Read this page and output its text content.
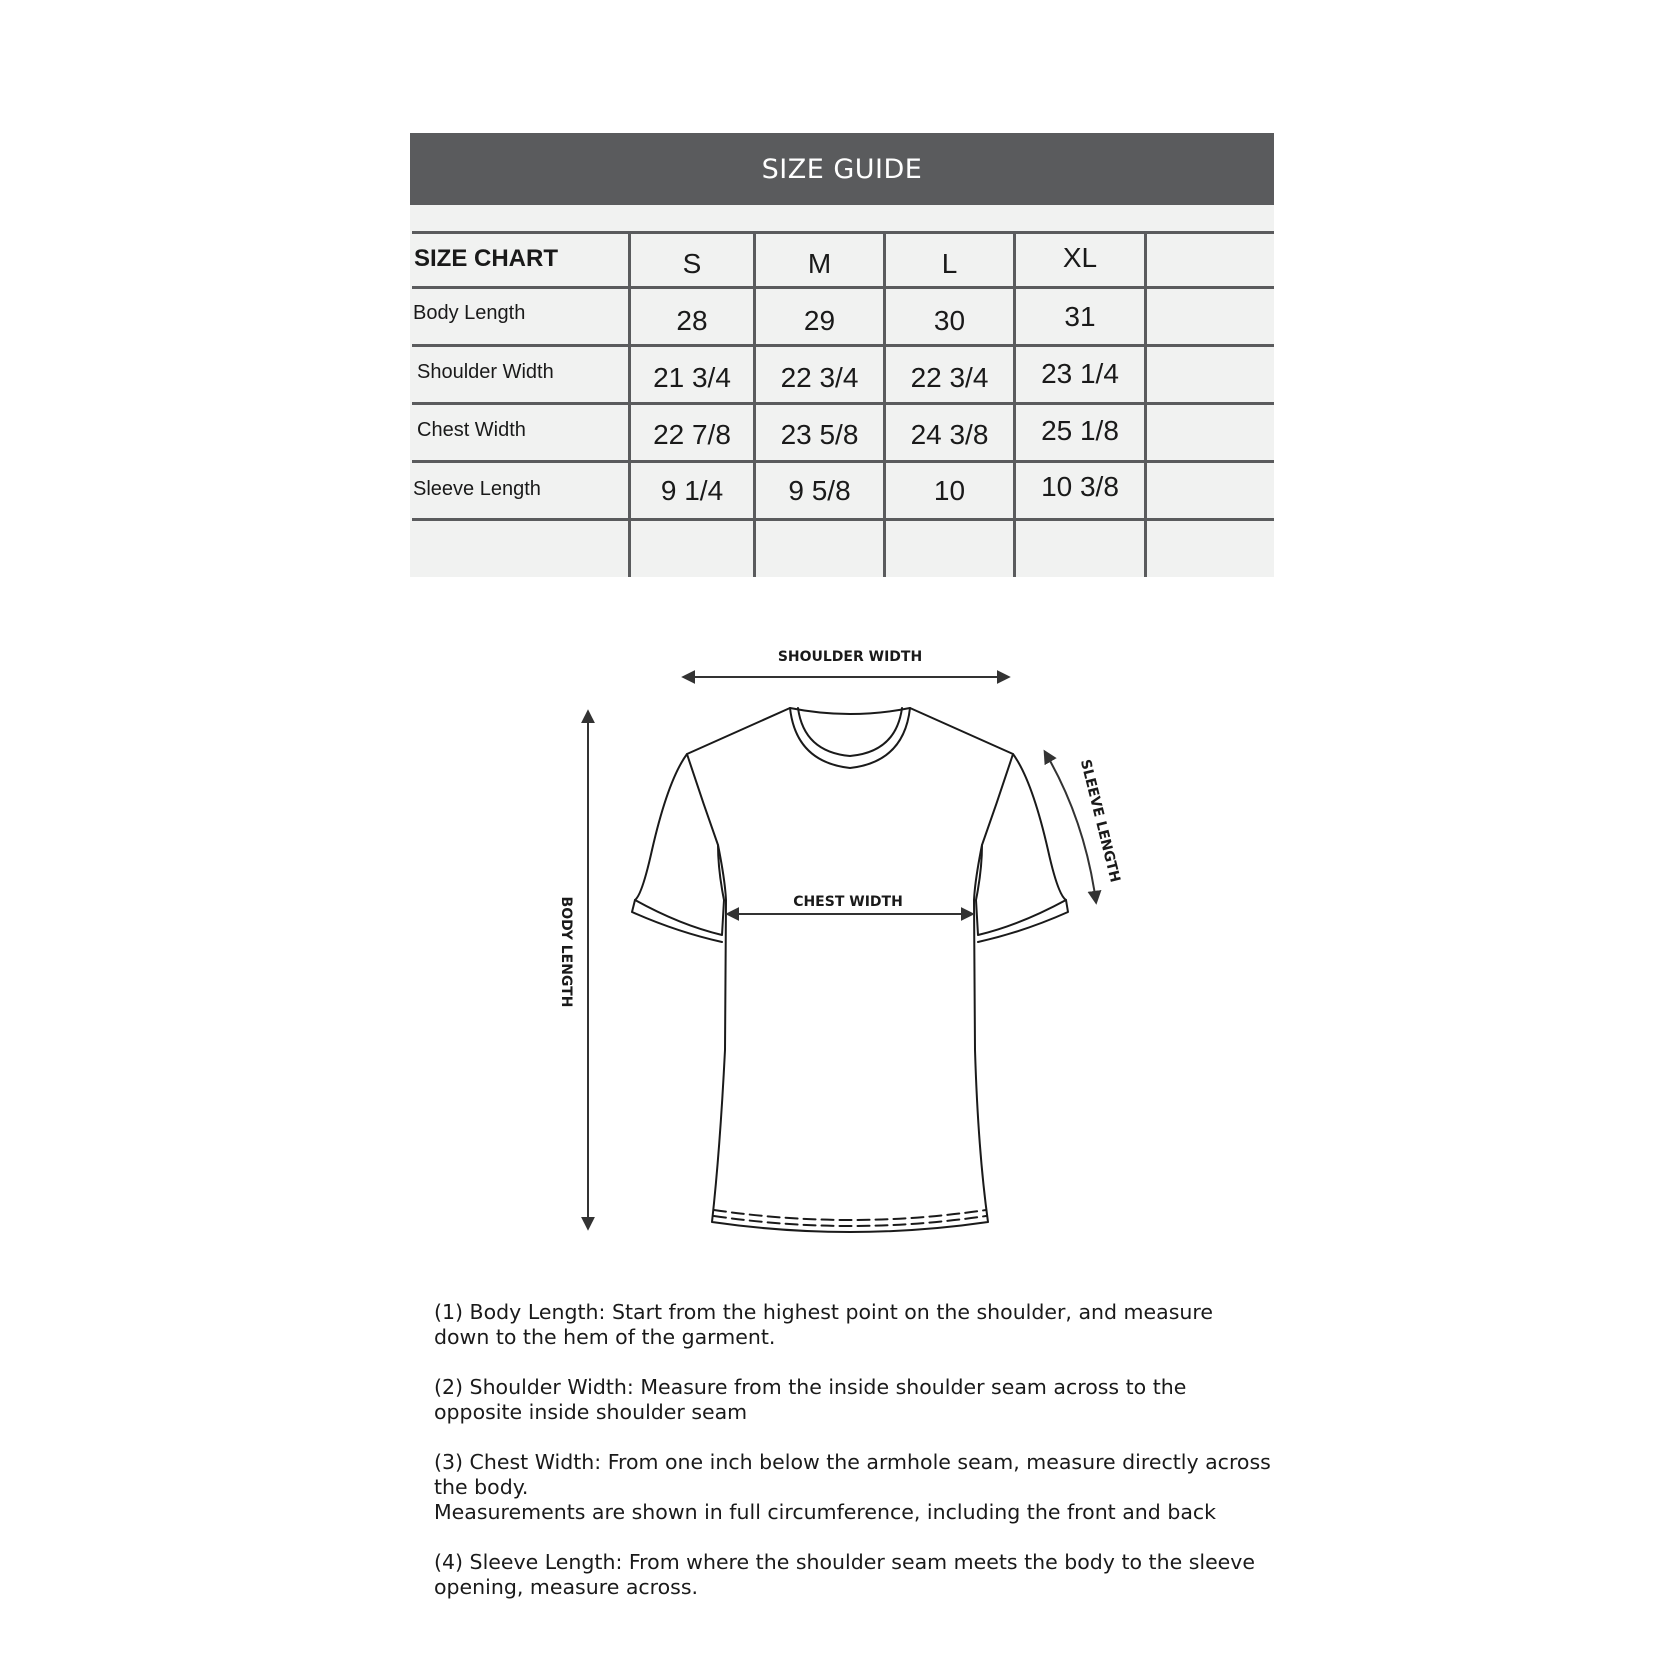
SIZE GUIDE
SIZE CHART	S	M	L	XL
Body Length	28	29	30	31
Shoulder Width	21 3/4	22 3/4	22 3/4	23 1/4
Chest Width	22 7/8	23 5/8	24 3/8	25 1/8
Sleeve Length	9 1/4	9 5/8	10	10 3/8
SHOULDER WIDTH
BODY LENGTH
SLEEVE LENGTH
CHEST WIDTH

(1) Body Length: Start from the highest point on the shoulder, and measure down to the hem of the garment.

(2) Shoulder Width: Measure from the inside shoulder seam across to the opposite inside shoulder seam

(3) Chest Width: From one inch below the armhole seam, measure directly across the body.

Measurements are shown in full circumference, including the front and back

(4) Sleeve Length: From where the shoulder seam meets the body to the sleeve opening, measure across.
